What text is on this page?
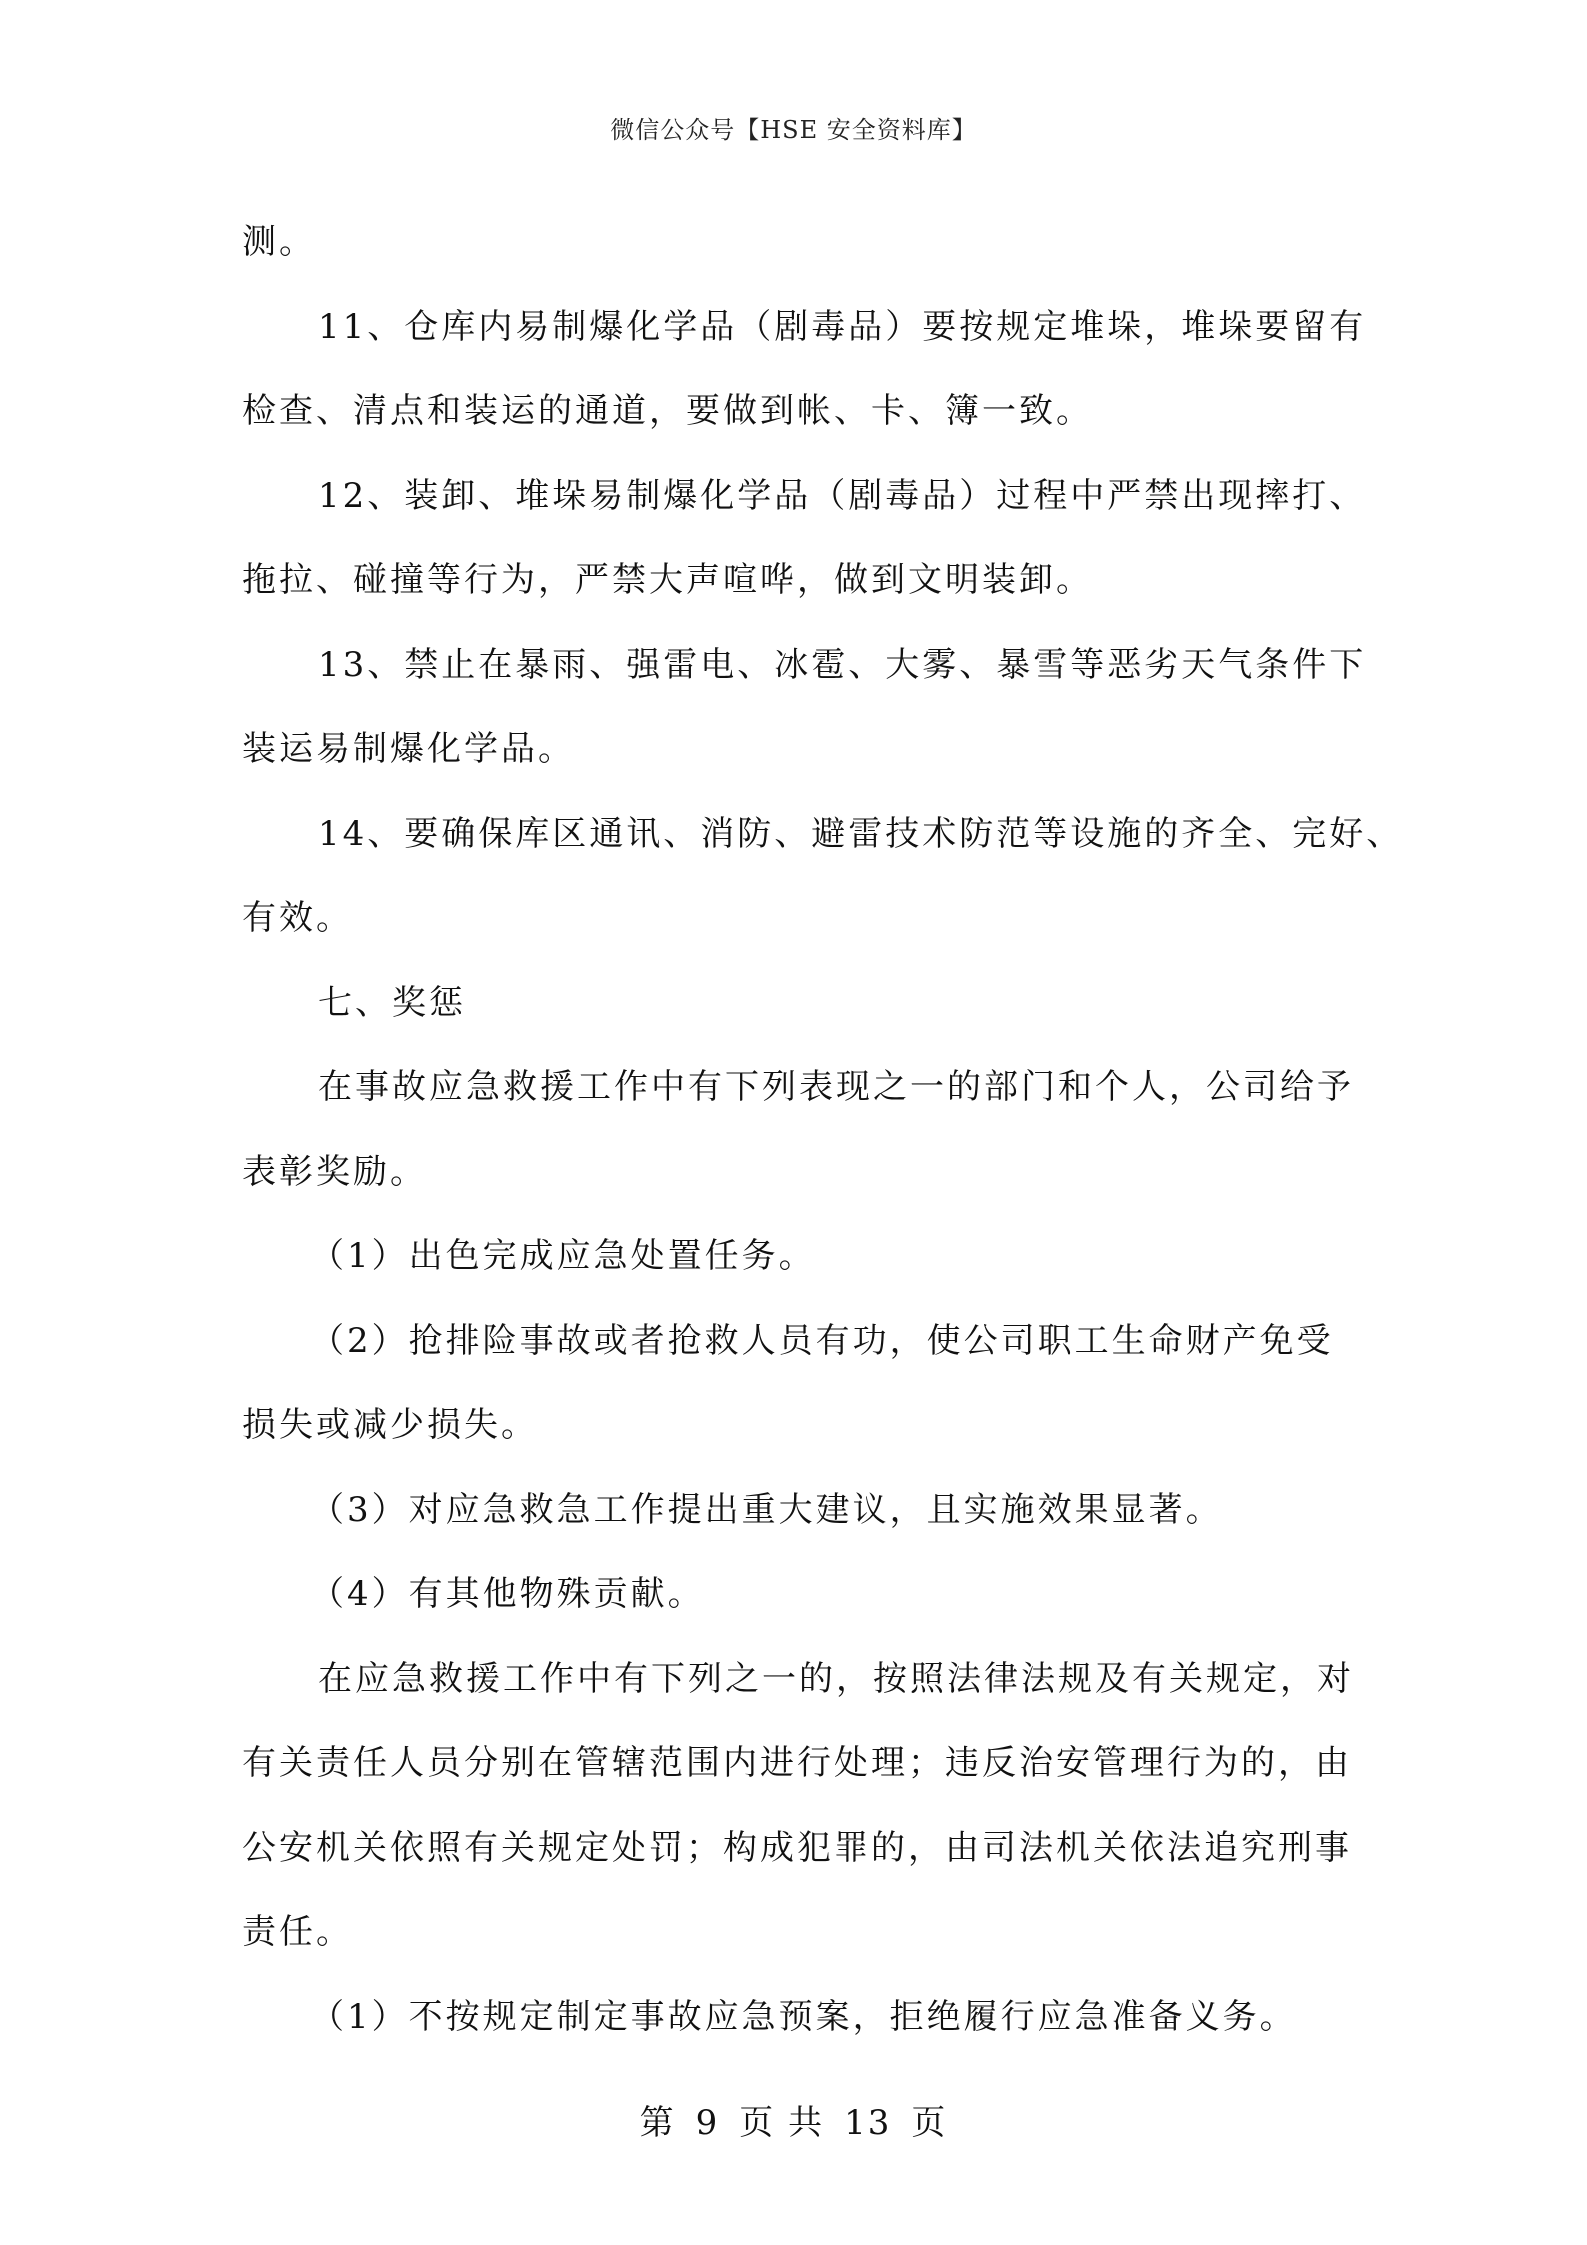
微信公众号【HSE 安全资料库】
测。
11、仓库内易制爆化学品（剧毒品）要按规定堆垛，堆垛要留有
检查、清点和装运的通道，要做到帐、卡、簿一致。
12、装卸、堆垛易制爆化学品（剧毒品）过程中严禁出现摔打、
拖拉、碰撞等行为，严禁大声喧哗，做到文明装卸。
13、禁止在暴雨、强雷电、冰雹、大雾、暴雪等恶劣天气条件下
装运易制爆化学品。
14、要确保库区通讯、消防、避雷技术防范等设施的齐全、完好、
有效。
七、奖惩
在事故应急救援工作中有下列表现之一的部门和个人，公司给予
表彰奖励。
（1）出色完成应急处置任务。
（2）抢排险事故或者抢救人员有功，使公司职工生命财产免受
损失或减少损失。
（3）对应急救急工作提出重大建议，且实施效果显著。
（4）有其他物殊贡献。
在应急救援工作中有下列之一的，按照法律法规及有关规定，对
有关责任人员分别在管辖范围内进行处理；违反治安管理行为的，由
公安机关依照有关规定处罚；构成犯罪的，由司法机关依法追究刑事
责任。
（1）不按规定制定事故应急预案，拒绝履行应急准备义务。
第 9 页 共 13 页
